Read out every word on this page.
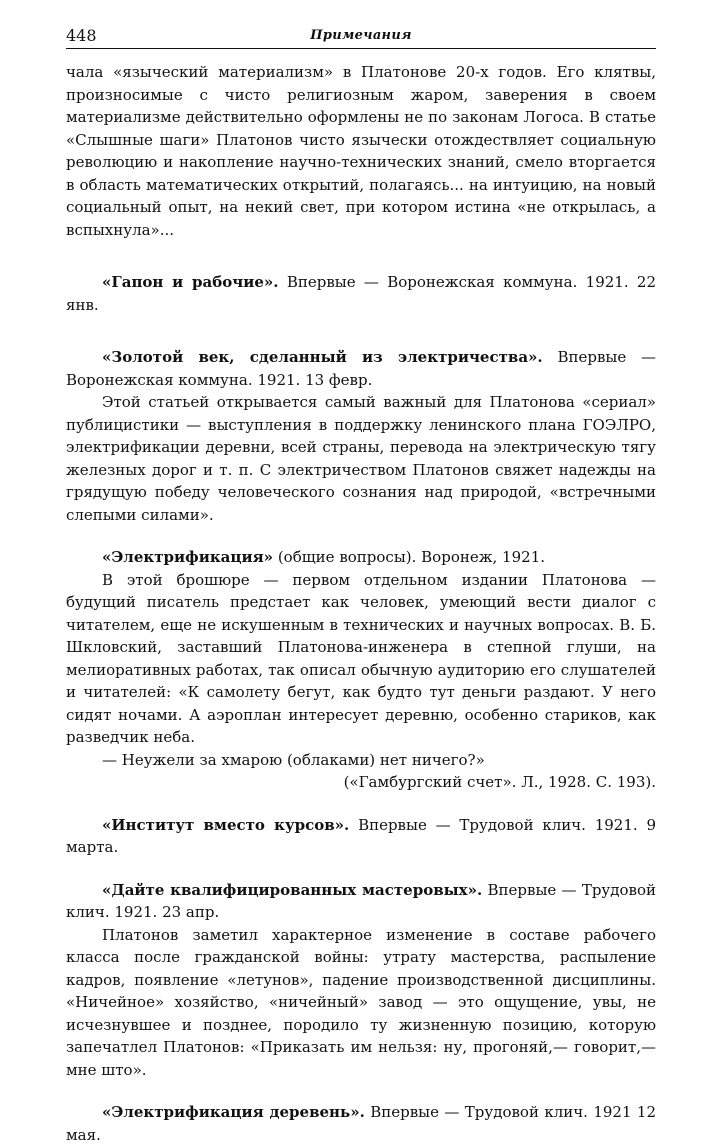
448	Примечания

чала «языческий материализм» в Платонове 20-х годов. Его клятвы, произносимые с чисто религиозным жаром, заверения в своем материализме действительно оформлены не по законам Логоса. В статье «Слышные шаги» Платонов чисто язычески отождествляет социальную революцию и накопление научно-технических знаний, смело вторгается в область математических открытий, полагаясь... на интуицию, на новый социальный опыт, на некий свет, при котором истина «не открылась, а вспыхнула»...

«Гапон и рабочие». Впервые — Воронежская коммуна. 1921. 22 янв.

«Золотой век, сделанный из электричества». Впервые — Воронежская коммуна. 1921. 13 февр.

Этой статьей открывается самый важный для Платонова «сериал» публицистики — выступления в поддержку ленинского плана ГОЭЛРО, электрификации деревни, всей страны, перевода на электрическую тягу железных дорог и т. п. С электричеством Платонов свяжет надежды на грядущую победу человеческого сознания над природой, «встречными слепыми силами».

«Электрификация» (общие вопросы). Воронеж, 1921.

В этой брошюре — первом отдельном издании Платонова — будущий писатель предстает как человек, умеющий вести диалог с читателем, еще не искушенным в технических и научных вопросах. В. Б. Шкловский, заставший Платонова-инженера в степной глуши, на мелиоративных работах, так описал обычную аудиторию его слушателей и читателей: «К самолету бегут, как будто тут деньги раздают. У него сидят ночами. А аэроплан интересует деревню, особенно стариков, как разведчик неба.

— Неужели за хмарою (облаками) нет ничего?»

(«Гамбургский счет». Л., 1928. С. 193).

«Институт вместо курсов». Впервые — Трудовой клич. 1921. 9 марта.

«Дайте квалифицированных мастеровых». Впервые — Трудовой клич. 1921. 23 апр.

Платонов заметил характерное изменение в составе рабочего класса после гражданской войны: утрату мастерства, распыление кадров, появление «летунов», падение производственной дисциплины. «Ничейное» хозяйство, «ничейный» завод — это ощущение, увы, не исчезнувшее и позднее, породило ту жизненную позицию, которую запечатлел Платонов: «Приказать им нельзя: ну, прогоняй,— говорит,— мне што».

«Электрификация деревень». Впервые — Трудовой клич. 1921 12 мая.
